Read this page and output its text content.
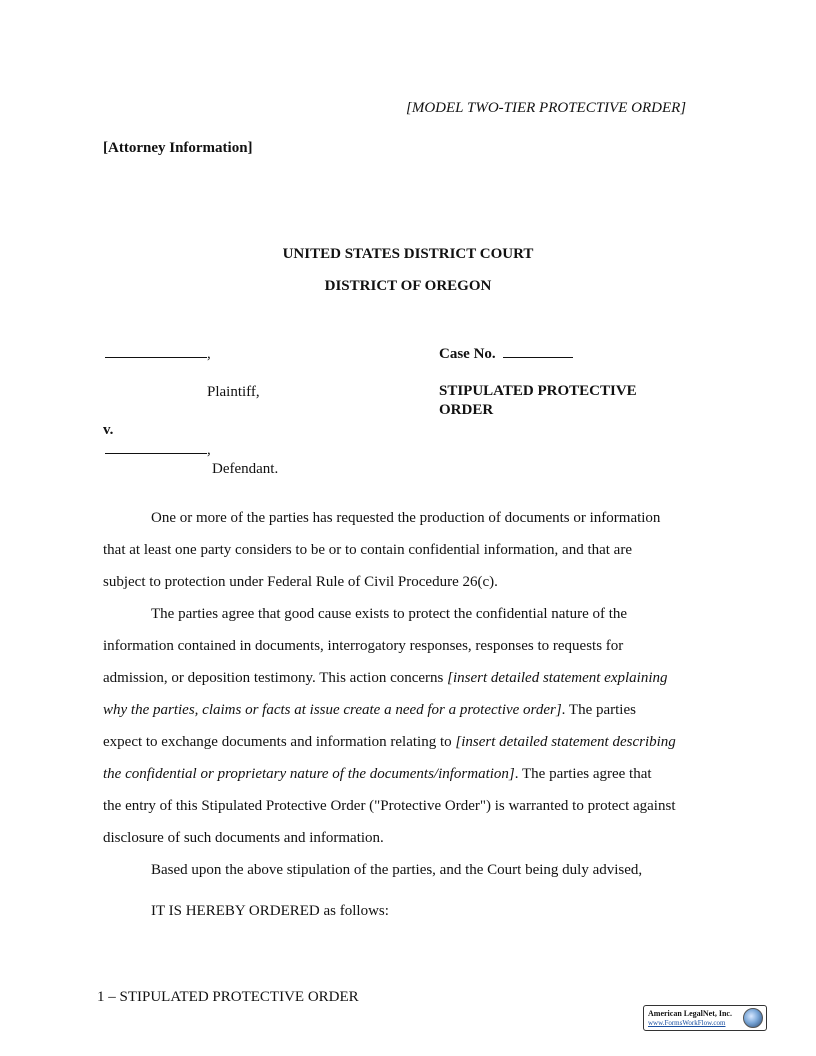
[MODEL TWO-TIER PROTECTIVE ORDER]
[Attorney Information]
UNITED STATES DISTRICT COURT
DISTRICT OF OREGON
,
Plaintiff,
v.
,
Defendant.
Case No.
STIPULATED PROTECTIVE
ORDER
One or more of the parties has requested the production of documents or information
that at least one party considers to be or to contain confidential information, and that are
subject to protection under Federal Rule of Civil Procedure 26(c).
The parties agree that good cause exists to protect the confidential nature of the
information contained in documents, interrogatory responses, responses to requests for
admission, or deposition testimony. This action concerns [insert detailed statement explaining
why the parties, claims or facts at issue create a need for a protective order]. The parties
expect to exchange documents and information relating to [insert detailed statement describing
the confidential or proprietary nature of the documents/information]. The parties agree that
the entry of this Stipulated Protective Order ("Protective Order") is warranted to protect against
disclosure of such documents and information.
Based upon the above stipulation of the parties, and the Court being duly advised,
IT IS HEREBY ORDERED as follows:
1 – STIPULATED PROTECTIVE ORDER
American LegalNet, Inc.
www.FormsWorkFlow.com
